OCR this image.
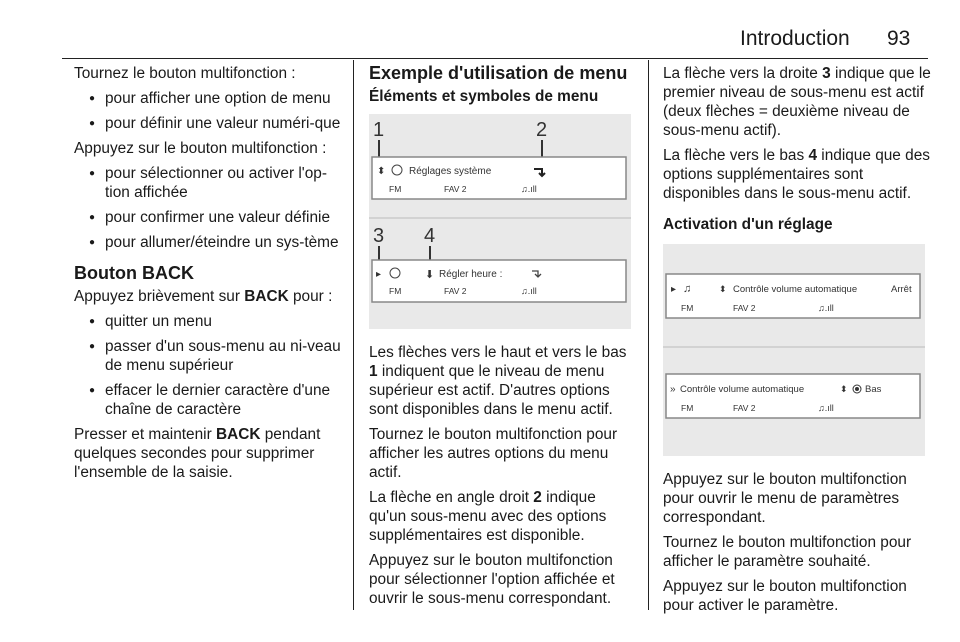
Introduction 93

Tournez le bouton multifonction :

● pour afficher une option de menu
● pour définir une valeur numéri-que

Appuyez sur le bouton multifonction :

● pour sélectionner ou activer l'op-tion affichée
● pour confirmer une valeur définie
● pour allumer/éteindre un sys-tème
Bouton BACK

Appuyez brièvement sur BACK pour :

● quitter un menu
● passer d'un sous-menu au ni-veau de menu supérieur
● effacer le dernier caractère d'une chaîne de caractère

Presser et maintenir BACK pendant quelques secondes pour supprimer l'ensemble de la saisie.

Exemple d'utilisation de menu
Éléments et symboles de menu
1	2
⬍ Réglages système
FM	FAV 2	♫.ıll
3 4
▸	⬇ Régler heure :
FM	FAV 2	♫.ıll

Les flèches vers le haut et vers le bas 1 indiquent que le niveau de menu supérieur est actif. D'autres options sont disponibles dans le menu actif.

Tournez le bouton multifonction pour afficher les autres options du menu actif.

La flèche en angle droit 2 indique qu'un sous-menu avec des options supplémentaires est disponible.

Appuyez sur le bouton multifonction pour sélectionner l'option affichée et ouvrir le sous-menu correspondant.

La flèche vers la droite 3 indique que le premier niveau de sous-menu est actif (deux flèches = deuxième niveau de sous-menu actif).

La flèche vers le bas 4 indique que des options supplémentaires sont disponibles dans le sous-menu actif.

Activation d'un réglage
▸ ♫	⬍ Contrôle volume automatique	Arrêt
FM	FAV 2	♫.ıll
» Contrôle volume automatique	⬍ Bas
FM	FAV 2	♫.ıll

Appuyez sur le bouton multifonction pour ouvrir le menu de paramètres correspondant.

Tournez le bouton multifonction pour afficher le paramètre souhaité.

Appuyez sur le bouton multifonction pour activer le paramètre.
